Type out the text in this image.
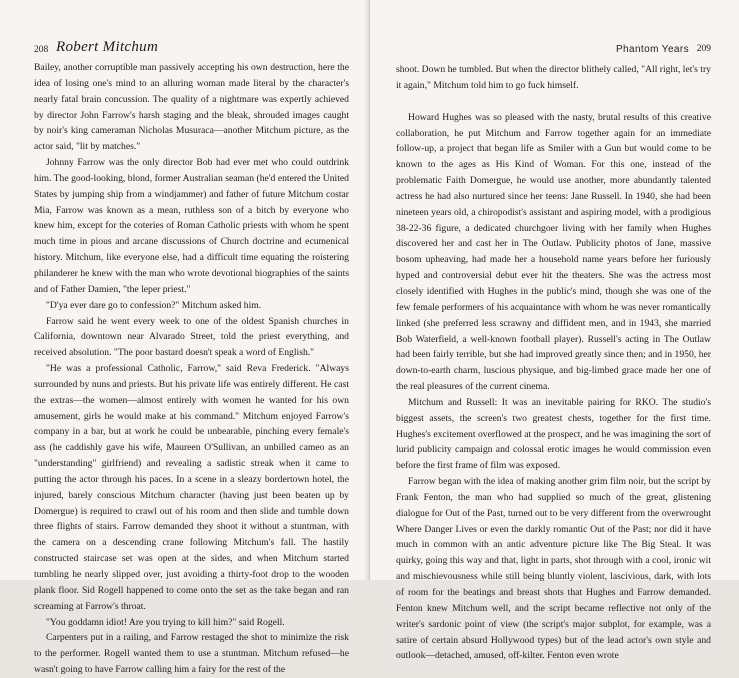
208 Robert Mitchum

Bailey, another corruptible man passively accepting his own destruction, here the idea of losing one's mind to an alluring woman made literal by the character's nearly fatal brain concussion. The quality of a nightmare was expertly achieved by director John Farrow's harsh staging and the bleak, shrouded images caught by noir's king cameraman Nicholas Musuraca—another Mitchum picture, as the actor said, "lit by matches."

Johnny Farrow was the only director Bob had ever met who could outdrink him. The good-looking, blond, former Australian seaman (he'd entered the United States by jumping ship from a windjammer) and father of future Mitchum costar Mia, Farrow was known as a mean, ruthless son of a bitch by everyone who knew him, except for the coteries of Roman Catholic priests with whom he spent much time in pious and arcane discussions of Church doctrine and ecumenical history. Mitchum, like everyone else, had a difficult time equating the roistering philanderer he knew with the man who wrote devotional biographies of the saints and of Father Damien, "the leper priest."

"D'ya ever dare go to confession?" Mitchum asked him.

Farrow said he went every week to one of the oldest Spanish churches in California, downtown near Alvarado Street, told the priest everything, and received absolution. "The poor bastard doesn't speak a word of English."

"He was a professional Catholic, Farrow," said Reva Frederick. "Always surrounded by nuns and priests. But his private life was entirely different. He cast the extras—the women—almost entirely with women he wanted for his own amusement, girls he would make at his command." Mitchum enjoyed Farrow's company in a bar, but at work he could be unbearable, pinching every female's ass (he caddishly gave his wife, Maureen O'Sullivan, an unbilled cameo as an "understanding" girlfriend) and revealing a sadistic streak when it came to putting the actor through his paces. In a scene in a sleazy bordertown hotel, the injured, barely conscious Mitchum character (having just been beaten up by Domergue) is required to crawl out of his room and then slide and tumble down three flights of stairs. Farrow demanded they shoot it without a stuntman, with the camera on a descending crane following Mitchum's fall. The hastily constructed staircase set was open at the sides, and when Mitchum started tumbling he nearly slipped over, just avoiding a thirty-foot drop to the wooden plank floor. Sid Rogell happened to come onto the set as the take began and ran screaming at Farrow's throat.

"You goddamn idiot! Are you trying to kill him?" said Rogell.

Carpenters put in a railing, and Farrow restaged the shot to minimize the risk to the performer. Rogell wanted them to use a stuntman. Mitchum refused—he wasn't going to have Farrow calling him a fairy for the rest of the

Phantom Years 209

shoot. Down he tumbled. But when the director blithely called, "All right, let's try it again," Mitchum told him to go fuck himself.

Howard Hughes was so pleased with the nasty, brutal results of this creative collaboration, he put Mitchum and Farrow together again for an immediate follow-up, a project that began life as Smiler with a Gun but would come to be known to the ages as His Kind of Woman. For this one, instead of the problematic Faith Domergue, he would use another, more abundantly talented actress he had also nurtured since her teens: Jane Russell. In 1940, she had been nineteen years old, a chiropodist's assistant and aspiring model, with a prodigious 38-22-36 figure, a dedicated churchgoer living with her family when Hughes discovered her and cast her in The Outlaw. Publicity photos of Jane, massive bosom upheaving, had made her a household name years before her furiously hyped and controversial debut ever hit the theaters. She was the actress most closely identified with Hughes in the public's mind, though she was one of the few female performers of his acquaintance with whom he was never romantically linked (she preferred less scrawny and diffident men, and in 1943, she married Bob Waterfield, a well-known football player). Russell's acting in The Outlaw had been fairly terrible, but she had improved greatly since then; and in 1950, her down-to-earth charm, luscious physique, and big-limbed grace made her one of the real pleasures of the current cinema.

Mitchum and Russell: It was an inevitable pairing for RKO. The studio's biggest assets, the screen's two greatest chests, together for the first time. Hughes's excitement overflowed at the prospect, and he was imagining the sort of lurid publicity campaign and colossal erotic images he would commission even before the first frame of film was exposed.

Farrow began with the idea of making another grim film noir, but the script by Frank Fenton, the man who had supplied so much of the great, glistening dialogue for Out of the Past, turned out to be very different from the overwrought Where Danger Lives or even the darkly romantic Out of the Past; nor did it have much in common with an antic adventure picture like The Big Steal. It was quirky, going this way and that, light in parts, shot through with a cool, ironic wit and mischievousness while still being bluntly violent, lascivious, dark, with lots of room for the beatings and breast shots that Hughes and Farrow demanded. Fenton knew Mitchum well, and the script became reflective not only of the writer's sardonic point of view (the script's major subplot, for example, was a satire of certain absurd Hollywood types) but of the lead actor's own style and outlook—detached, amused, off-kilter. Fenton even wrote
